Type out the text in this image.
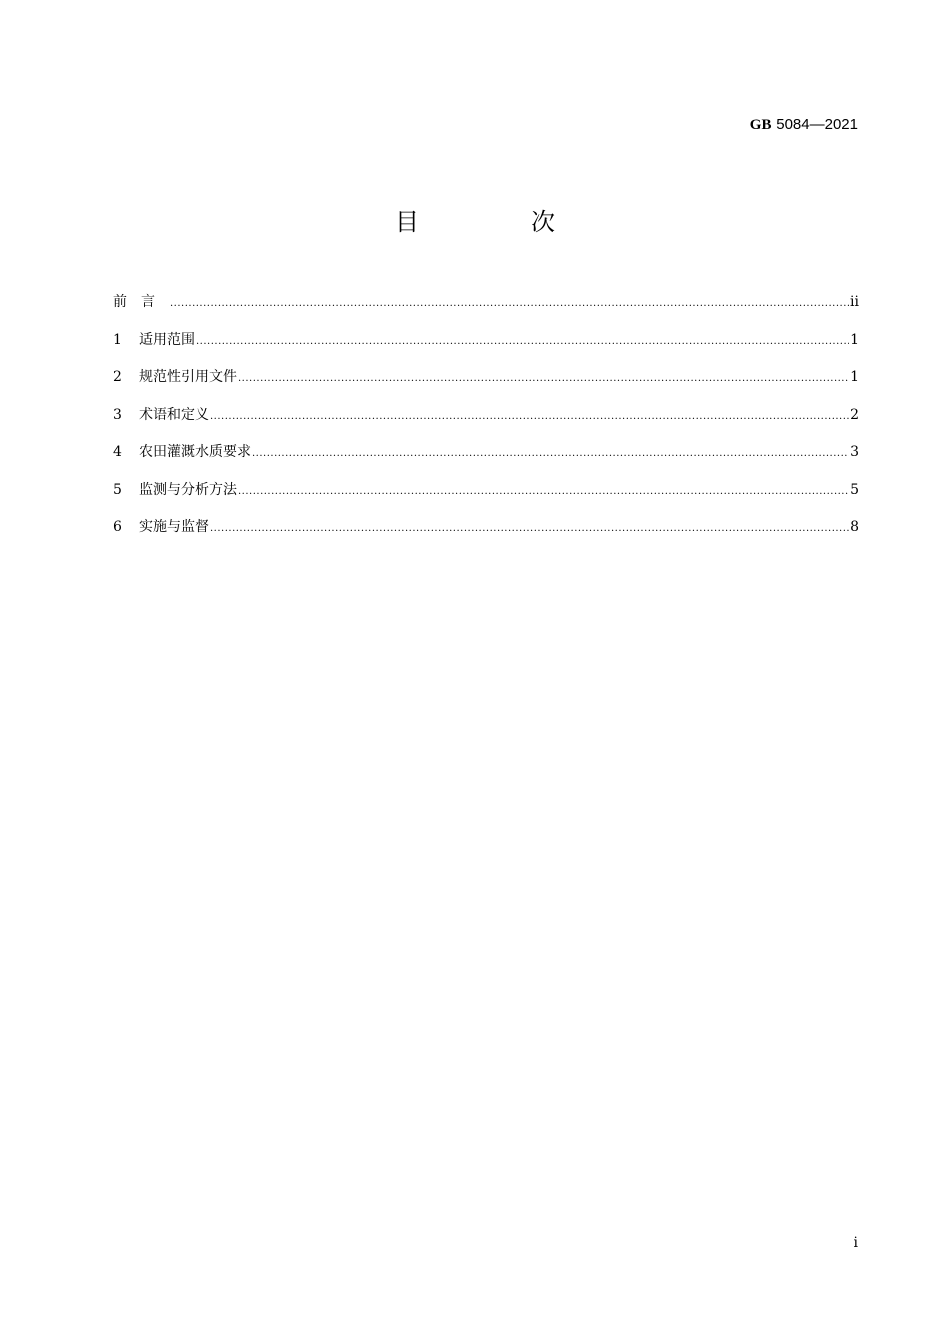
GB 5084—2021
目　次
前言 .....	ii
1	适用范围 .....	1
2	规范性引用文件 .....	1
3	术语和定义 .....	2
4	农田灌溉水质要求 .....	3
5	监测与分析方法 .....	5
6	实施与监督 .....	8
i
